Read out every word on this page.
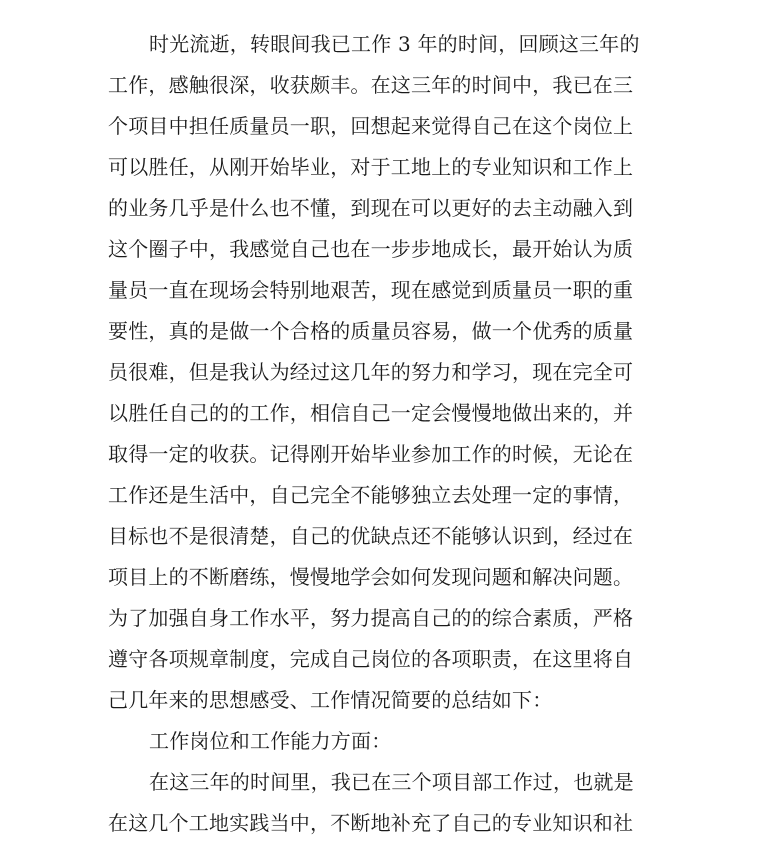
时光流逝，转眼间我已工作 3 年的时间，回顾这三年的
工作，感触很深，收获颇丰。在这三年的时间中，我已在三
个项目中担任质量员一职，回想起来觉得自己在这个岗位上
可以胜任，从刚开始毕业，对于工地上的专业知识和工作上
的业务几乎是什么也不懂，到现在可以更好的去主动融入到
这个圈子中，我感觉自己也在一步步地成长，最开始认为质
量员一直在现场会特别地艰苦，现在感觉到质量员一职的重
要性，真的是做一个合格的质量员容易，做一个优秀的质量
员很难，但是我认为经过这几年的努力和学习，现在完全可
以胜任自己的的工作，相信自己一定会慢慢地做出来的，并
取得一定的收获。记得刚开始毕业参加工作的时候，无论在
工作还是生活中，自己完全不能够独立去处理一定的事情，
目标也不是很清楚，自己的优缺点还不能够认识到，经过在
项目上的不断磨练，慢慢地学会如何发现问题和解决问题。
为了加强自身工作水平，努力提高自己的的综合素质，严格
遵守各项规章制度，完成自己岗位的各项职责，在这里将自
己几年来的思想感受、工作情况简要的总结如下：
工作岗位和工作能力方面：
在这三年的时间里，我已在三个项目部工作过，也就是
在这几个工地实践当中，不断地补充了自己的专业知识和社
